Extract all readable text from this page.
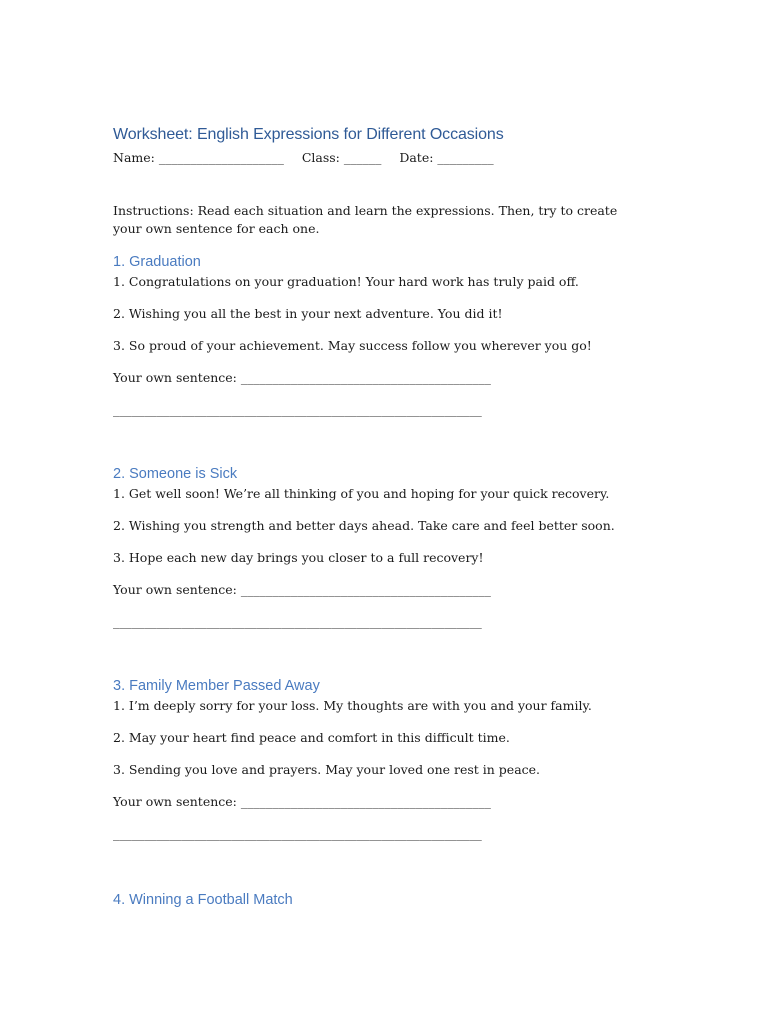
Worksheet: English Expressions for Different Occasions
Name: ____________________ Class: ______ Date: _________

Instructions: Read each situation and learn the expressions. Then, try to create your own sentence for each one.

1. Graduation

1. Congratulations on your graduation! Your hard work has truly paid off.

2. Wishing you all the best in your next adventure. You did it!

3. So proud of your achievement. May success follow you wherever you go!

Your own sentence: ________________________________________

___________________________________________________________

2. Someone is Sick

1. Get well soon! We’re all thinking of you and hoping for your quick recovery.

2. Wishing you strength and better days ahead. Take care and feel better soon.

3. Hope each new day brings you closer to a full recovery!

Your own sentence: ________________________________________

___________________________________________________________

3. Family Member Passed Away

1. I’m deeply sorry for your loss. My thoughts are with you and your family.

2. May your heart find peace and comfort in this difficult time.

3. Sending you love and prayers. May your loved one rest in peace.

Your own sentence: ________________________________________

___________________________________________________________

4. Winning a Football Match
